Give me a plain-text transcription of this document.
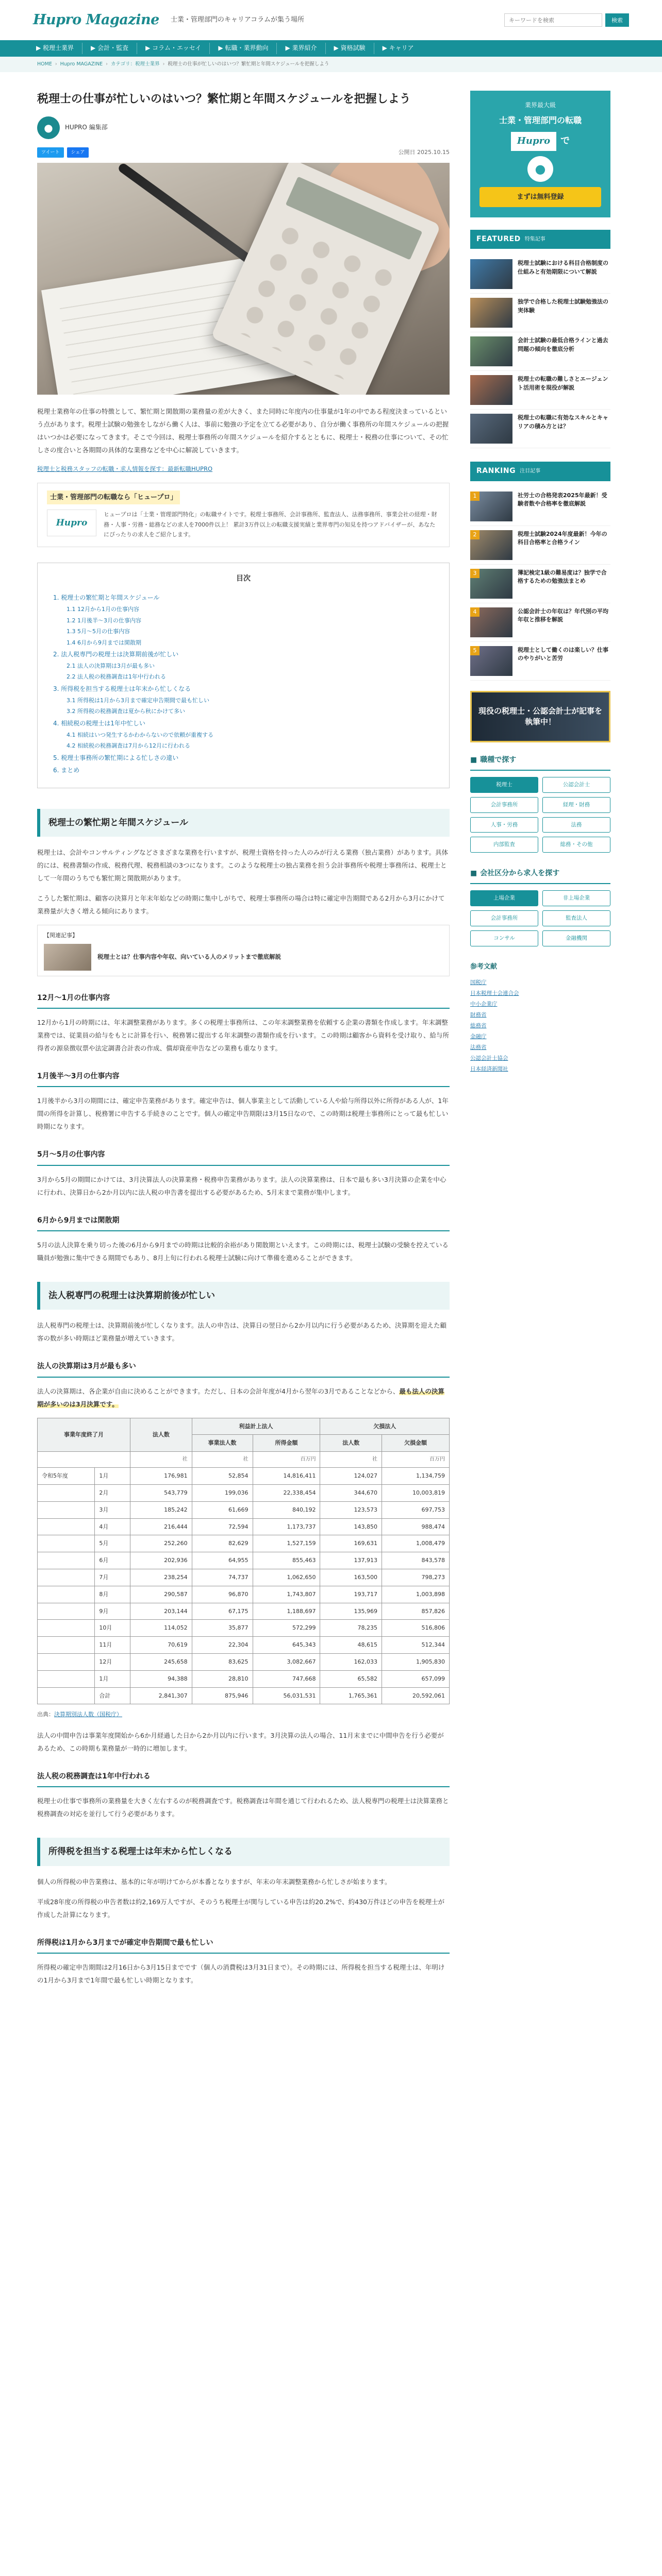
Hupro Magazine 士業・管理部門のキャリアコラムが集う場所
キーワードを検索	検索
▶ 税理士業界	▶ 会計・監査	▶ コラム・エッセイ	▶ 転職・業界動向	▶ 業界紹介	▶ 資格試験	▶ キャリア
HOME › Hupro MAGAZINE › カテゴリ：税理士業界 › 税理士の仕事が忙しいのはいつ？繁忙期と年間スケジュールを把握しよう
税理士の仕事が忙しいのはいつ？繁忙期と年間スケジュールを把握しよう
● HUPRO 編集部
ツイート	シェア	公開日 2025.10.15

税理士業務年の仕事の特徴として、繁忙期と閑散期の業務量の差が大きく、また同時に年度内の仕事量が1年の中である程度決まっているという点があります。税理士試験の勉強をしながら働く人は、事前に勉強の予定を立てる必要があり、自分が働く事務所の年間スケジュールの把握はいつかは必要になってきます。そこで今回は、税理士事務所の年間スケジュールを紹介するとともに、税理士・税務の仕事について、その忙しさの度合いと各期間の具体的な業務などを中心に解説していきます。

税理士と税務スタッフの転職・求人情報を探す：最新転職HUPRO
士業・管理部門の転職なら「ヒュープロ」
Hupro
ヒュープロは「士業・管理部門特化」の転職サイトです。税理士事務所、会計事務所、監査法人、法務事務所、事業会社の経理・財務・人事・労務・総務などの求人を7000件以上！ 累計3万件以上の転職支援実績と業界専門の知見を持つアドバイザーが、あなたにぴったりの求人をご紹介します。
目次
1. 税理士の繁忙期と年間スケジュール
1.1 12月から1月の仕事内容
1.2 1月後半～3月の仕事内容
1.3 5月～5月の仕事内容
1.4 6月から9月までは閑散期
2. 法人税専門の税理士は決算期前後が忙しい
2.1 法人の決算期は3月が最も多い
2.2 法人税の税務調査は1年中行われる
3. 所得税を担当する税理士は年末から忙しくなる
3.1 所得税は1月から3月まで確定申告期間で最も忙しい
3.2 所得税の税務調査は夏から秋にかけて多い
4. 相続税の税理士は1年中忙しい
4.1 相続はいつ発生するかわからないので依頼が重複する
4.2 相続税の税務調査は7月から12月に行われる
5. 税理士事務所の繁忙期による忙しさの違い
6. まとめ
税理士の繁忙期と年間スケジュール

税理士は、会計やコンサルティングなどさまざまな業務を行いますが、税理士資格を持った人のみが行える業務（独占業務）があります。具体的には、税務書類の作成、税務代理、税務相談の3つになります。このような税理士の独占業務を担う会計事務所や税理士事務所は、税理士として一年間のうちでも繁忙期と閑散期があります。

こうした繁忙期は、顧客の決算月と年末年始などの時期に集中しがちで、税理士事務所の場合は特に確定申告期間である2月から3月にかけて業務量が大きく増える傾向にあります。

【関連記事】
税理士とは？仕事内容や年収、向いている人のメリットまで徹底解説
12月～1月の仕事内容

12月から1月の時期には、年末調整業務があります。多くの税理士事務所は、この年末調整業務を依頼する企業の書類を作成します。年末調整業務では、従業員の給与をもとに計算を行い、税務署に提出する年末調整の書類作成を行います。この時期は顧客から資料を受け取り、給与所得者の源泉徴収票や法定調書合計表の作成、償却資産申告などの業務も重なります。

1月後半～3月の仕事内容

1月後半から3月の期間には、確定申告業務があります。確定申告は、個人事業主として活動している人や給与所得以外に所得がある人が、1年間の所得を計算し、税務署に申告する手続きのことです。個人の確定申告期限は3月15日なので、この時期は税理士事務所にとって最も忙しい時期になります。

5月～5月の仕事内容

3月から5月の期間にかけては、3月決算法人の決算業務・税務申告業務があります。法人の決算業務は、日本で最も多い3月決算の企業を中心に行われ、決算日から2か月以内に法人税の申告書を提出する必要があるため、5月末まで業務が集中します。

6月から9月までは閑散期

5月の法人決算を乗り切った後の6月から9月までの時期は比較的余裕があり閑散期といえます。この時期には、税理士試験の受験を控えている職員が勉強に集中できる期間でもあり、8月上旬に行われる税理士試験に向けて準備を進めることができます。

法人税専門の税理士は決算期前後が忙しい

法人税専門の税理士は、決算期前後が忙しくなります。法人の申告は、決算日の翌日から2か月以内に行う必要があるため、決算期を迎えた顧客の数が多い時期ほど業務量が増えていきます。

法人の決算期は3月が最も多い

法人の決算期は、各企業が自由に決めることができます。ただし、日本の会計年度が4月から翌年の3月であることなどから、最も法人の決算期が多いのは3月決算です。

事業年度終了月		法人数	利益計上法人		欠損法人	
			事業法人数	所得金額	法人数	欠損金額
		社	社	百万円	社	百万円
令和5年度	1月	176,981	52,854	14,816,411	124,027	1,134,759
	2月	543,779	199,036	22,338,454	344,670	10,003,819
	3月	185,242	61,669	840,192	123,573	697,753
	4月	216,444	72,594	1,173,737	143,850	988,474
	5月	252,260	82,629	1,527,159	169,631	1,008,479
	6月	202,936	64,955	855,463	137,913	843,578
	7月	238,254	74,737	1,062,650	163,500	798,273
	8月	290,587	96,870	1,743,807	193,717	1,003,898
	9月	203,144	67,175	1,188,697	135,969	857,826
	10月	114,052	35,877	572,299	78,235	516,806
	11月	70,619	22,304	645,343	48,615	512,344
	12月	245,658	83,625	3,082,667	162,033	1,905,830
	1月	94,388	28,810	747,668	65,582	657,099
	合計	2,841,307	875,946	56,031,531	1,765,361	20,592,061

出典：決算期別法人数（国税庁）

法人の中間申告は事業年度開始から6か月経過した日から2か月以内に行います。3月決算の法人の場合、11月末までに中間申告を行う必要があるため、この時期も業務量が一時的に増加します。

法人税の税務調査は1年中行われる

税理士の仕事で事務所の業務量を大きく左右するのが税務調査です。税務調査は年間を通じて行われるため、法人税専門の税理士は決算業務と税務調査の対応を並行して行う必要があります。

所得税を担当する税理士は年末から忙しくなる

個人の所得税の申告業務は、基本的に年が明けてからが本番となりますが、年末の年末調整業務から忙しさが始まります。

平成28年度の所得税の申告者数は約2,169万人ですが、そのうち税理士が関与している申告は約20.2%で、約430万件ほどの申告を税理士が作成した計算になります。

所得税は1月から3月までが確定申告期間で最も忙しい

所得税の確定申告期間は2月16日から3月15日までです（個人の消費税は3月31日まで）。その時期には、所得税を担当する税理士は、年明けの1月から3月まで1年間で最も忙しい時期となります。

業界最大級
士業・管理部門の転職
Hupro	で
●
まずは無料登録
FEATURED 特集記事
税理士試験における科目合格制度の仕組みと有効期限について解説
独学で合格した税理士試験勉強法の実体験
会計士試験の最低合格ラインと過去問題の傾向を徹底分析
税理士の転職の難しさとエージェント活用術を現役が解説
税理士の転職に有効なスキルとキャリアの積み方とは？
RANKING 注目記事
1	社労士の合格発表2025年最新！受験者数や合格率を徹底解説
2	税理士試験2024年度最新！今年の科目合格率と合格ライン
3	簿記検定1級の難易度は？独学で合格するための勉強法まとめ
4	公認会計士の年収は？年代別の平均年収と推移を解説
5	税理士として働くのは楽しい？仕事のやりがいと苦労
現役の税理士・公認会計士が記事を執筆中！
■ 職種で探す
税理士	公認会計士
会計事務所	経理・財務
人事・労務	法務
内部監査	総務・その他
■ 会社区分から求人を探す
上場企業	非上場企業
会計事務所	監査法人
コンサル	金融機関
参考文献
国税庁
日本税理士会連合会
中小企業庁
財務省
総務省
金融庁
法務省
公認会計士協会
日本経済新聞社
